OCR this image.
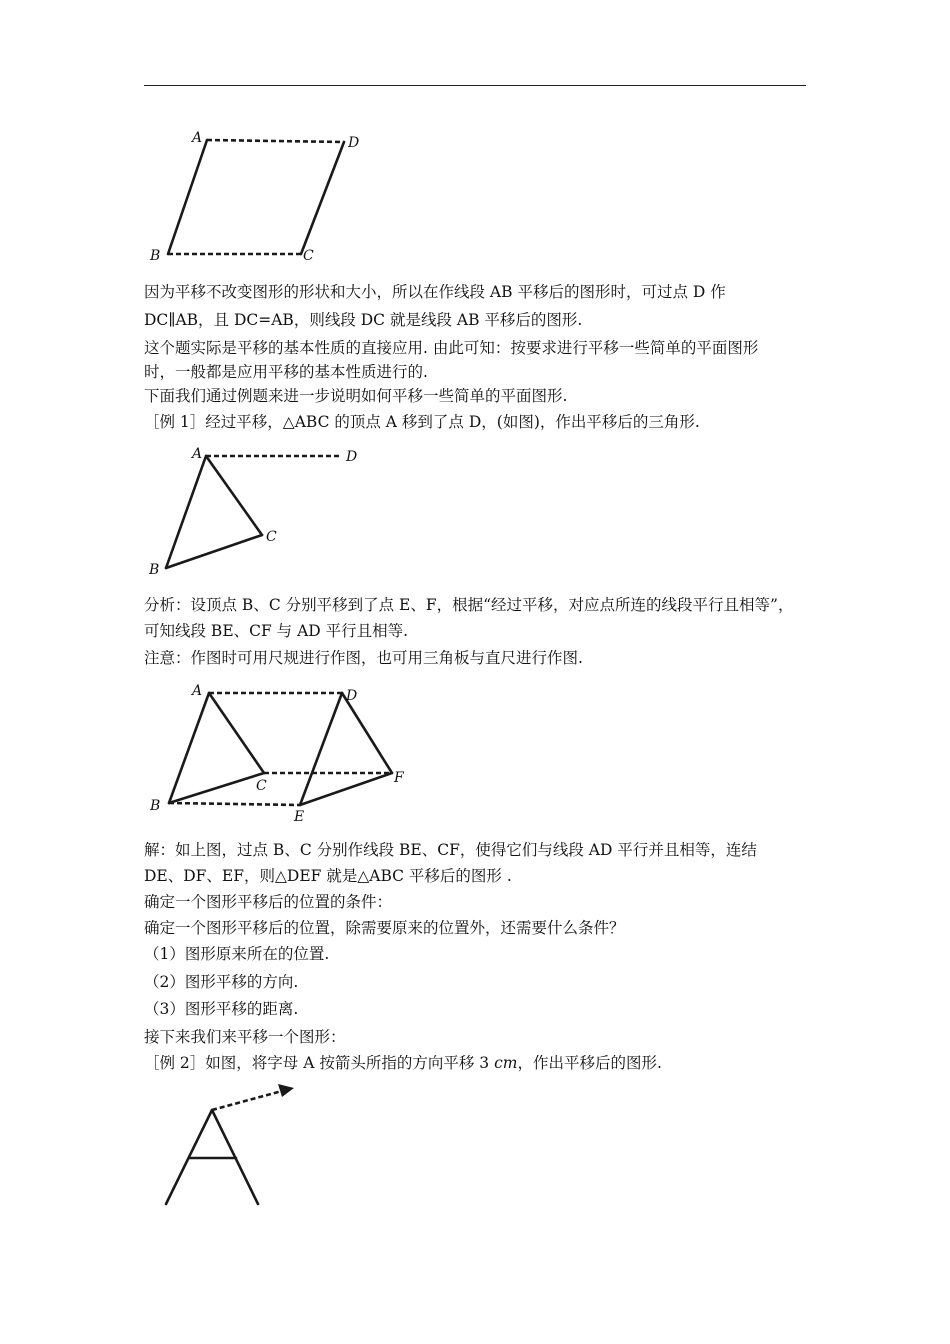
A	D
B	C
因为平移不改变图形的形状和大小，所以在作线段 AB 平移后的图形时，可过点 D 作
DC∥AB，且 DC=AB，则线段 DC 就是线段 AB 平移后的图形.
这个题实际是平移的基本性质的直接应用. 由此可知：按要求进行平移一些简单的平面图形
时，一般都是应用平移的基本性质进行的.
下面我们通过例题来进一步说明如何平移一些简单的平面图形.
［例 1］经过平移，△ABC 的顶点 A 移到了点 D，(如图)，作出平移后的三角形.
A	D
B
C
分析：设顶点 B、C 分别平移到了点 E、F，根据“经过平移，对应点所连的线段平行且相等”，
可知线段 BE、CF 与 AD 平行且相等.
注意：作图时可用尺规进行作图，也可用三角板与直尺进行作图.
A	D
B
C
E
F
解：如上图，过点 B、C 分别作线段 BE、CF，使得它们与线段 AD 平行并且相等，连结
DE、DF、EF，则△DEF 就是△ABC 平移后的图形 .
确定一个图形平移后的位置的条件：
确定一个图形平移后的位置，除需要原来的位置外，还需要什么条件？
（1）图形原来所在的位置.
（2）图形平移的方向.
（3）图形平移的距离.
接下来我们来平移一个图形：
［例 2］如图，将字母 A 按箭头所指的方向平移 3 cm，作出平移后的图形.
